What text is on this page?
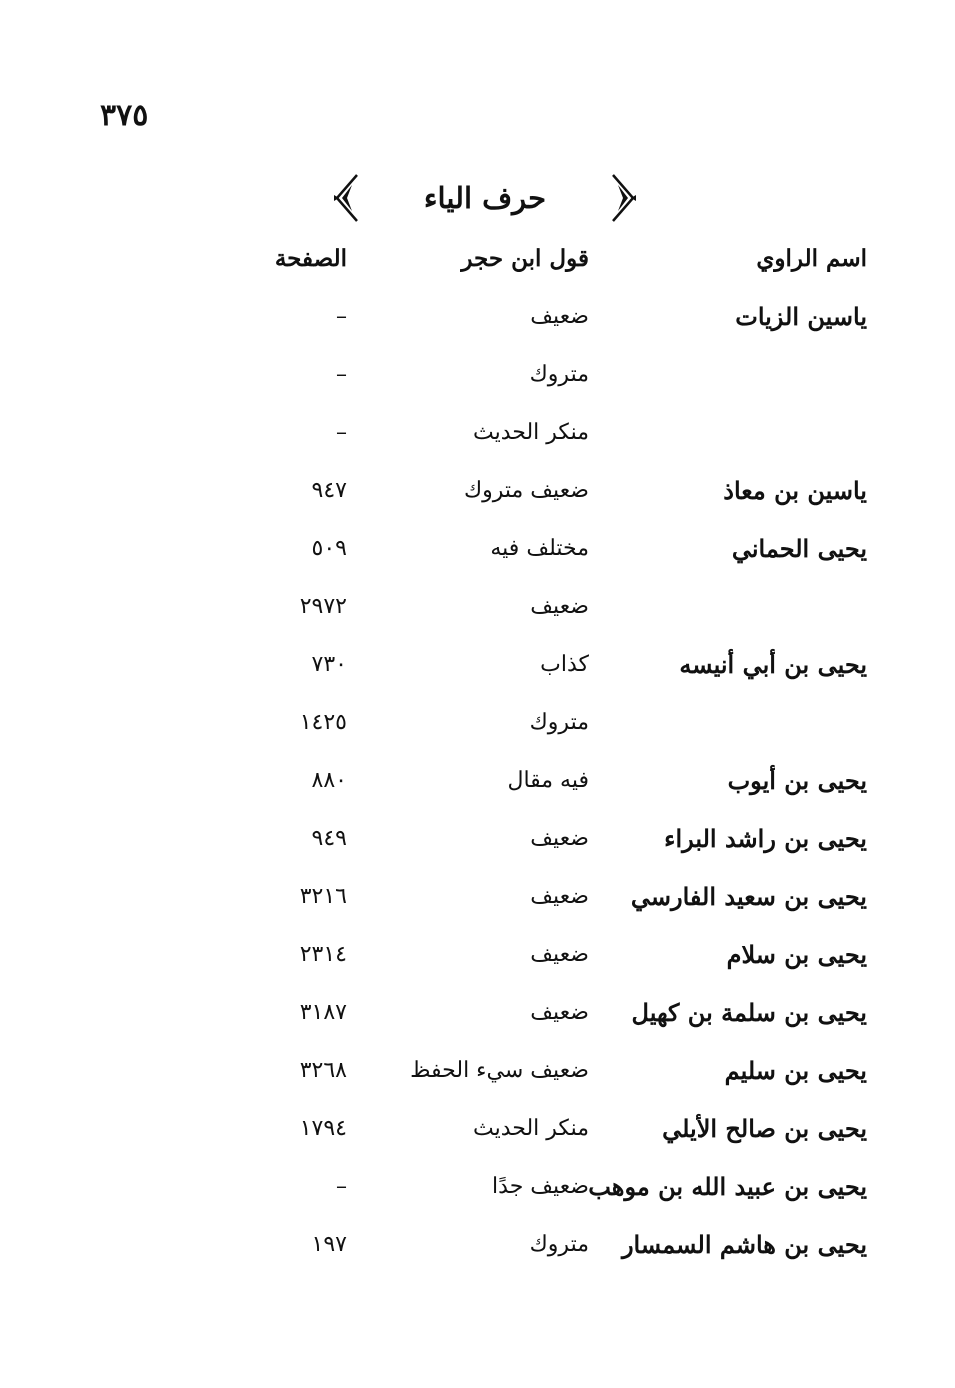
٣٧٥
حرف الياء
اسم الراوي
قول ابن حجر
الصفحة
ياسين الزيات
ضعيف
–
متروك
–
منكر الحديث
–
ياسين بن معاذ
ضعيف متروك
٩٤٧
يحيى الحماني
مختلف فيه
٥٠٩
ضعيف
٢٩٧٢
يحيى بن أبي أنيسه
كذاب
٧٣٠
متروك
١٤٢٥
يحيى بن أيوب
فيه مقال
٨٨٠
يحيى بن راشد البراء
ضعيف
٩٤٩
يحيى بن سعيد الفارسي
ضعيف
٣٢١٦
يحيى بن سلام
ضعيف
٢٣١٤
يحيى بن سلمة بن كهيل
ضعيف
٣١٨٧
يحيى بن سليم
ضعيف سيء الحفظ
٣٢٦٨
يحيى بن صالح الأيلي
منكر الحديث
١٧٩٤
يحيى بن عبيد الله بن موهب
ضعيف جدًا
–
يحيى بن هاشم السمسار
متروك
١٩٧
